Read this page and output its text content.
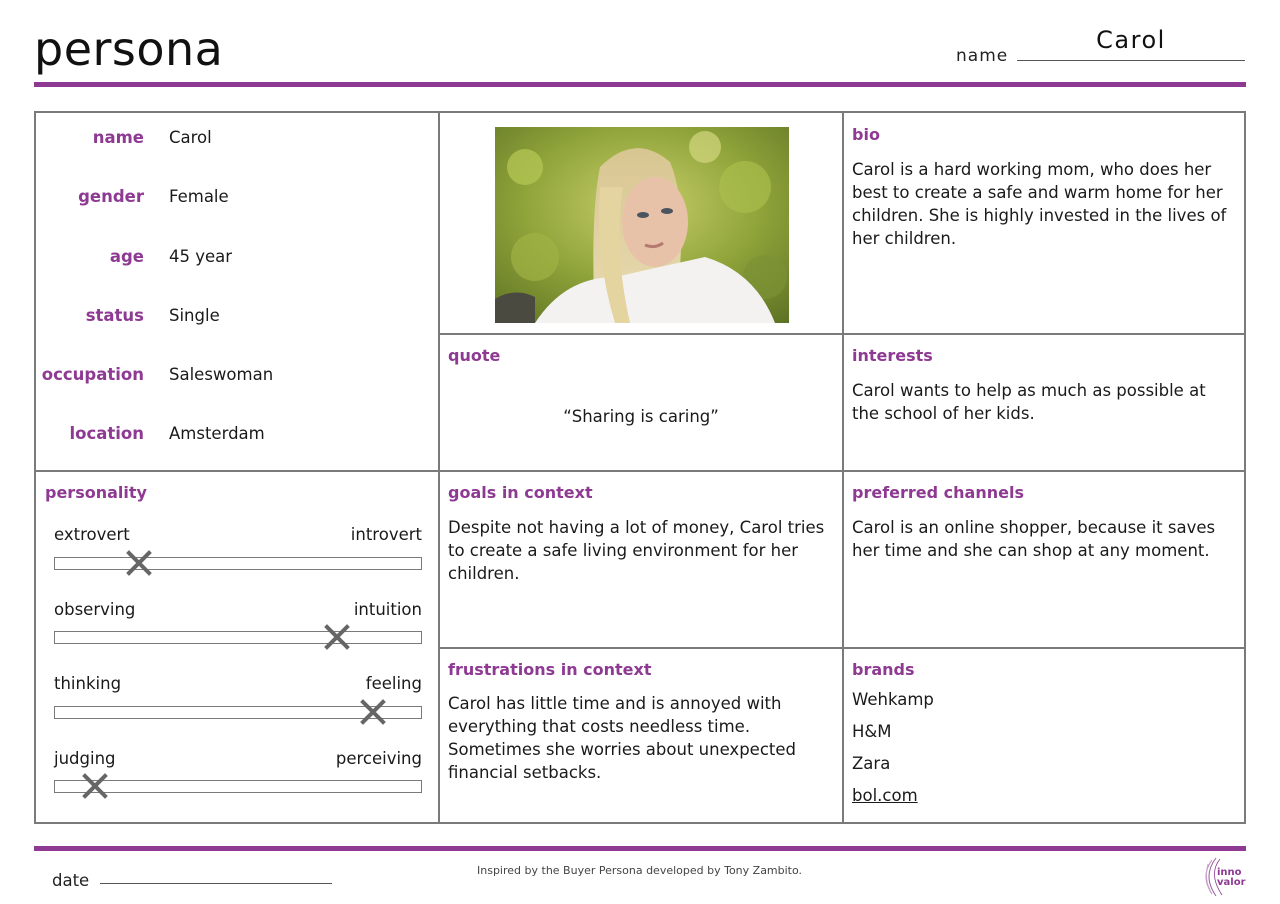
persona	name
Carol
name Carol
gender Female
age 45 year
status Single
occupation Saleswoman
location Amsterdam
bio
Carol is a hard working mom, who does her best to create a safe and warm home for her children. She is highly invested in the lives of her children.
quote
“Sharing is caring”
interests
Carol wants to help as much as possible at the school of her kids.
personality
extrovert	introvert
observing	intuition
thinking	feeling
judging	perceiving
goals in context
Despite not having a lot of money, Carol tries to create a safe living environment for her children.
preferred channels
Carol is an online shopper, because it saves her time and she can shop at any moment.
frustrations in context
Carol has little time and is annoyed with everything that costs needless time. Sometimes she worries about unexpected financial setbacks.
brands
Wehkamp
H&M
Zara
bol.com
date
Inspired by the Buyer Persona developed by Tony Zambito.	inno
valor
